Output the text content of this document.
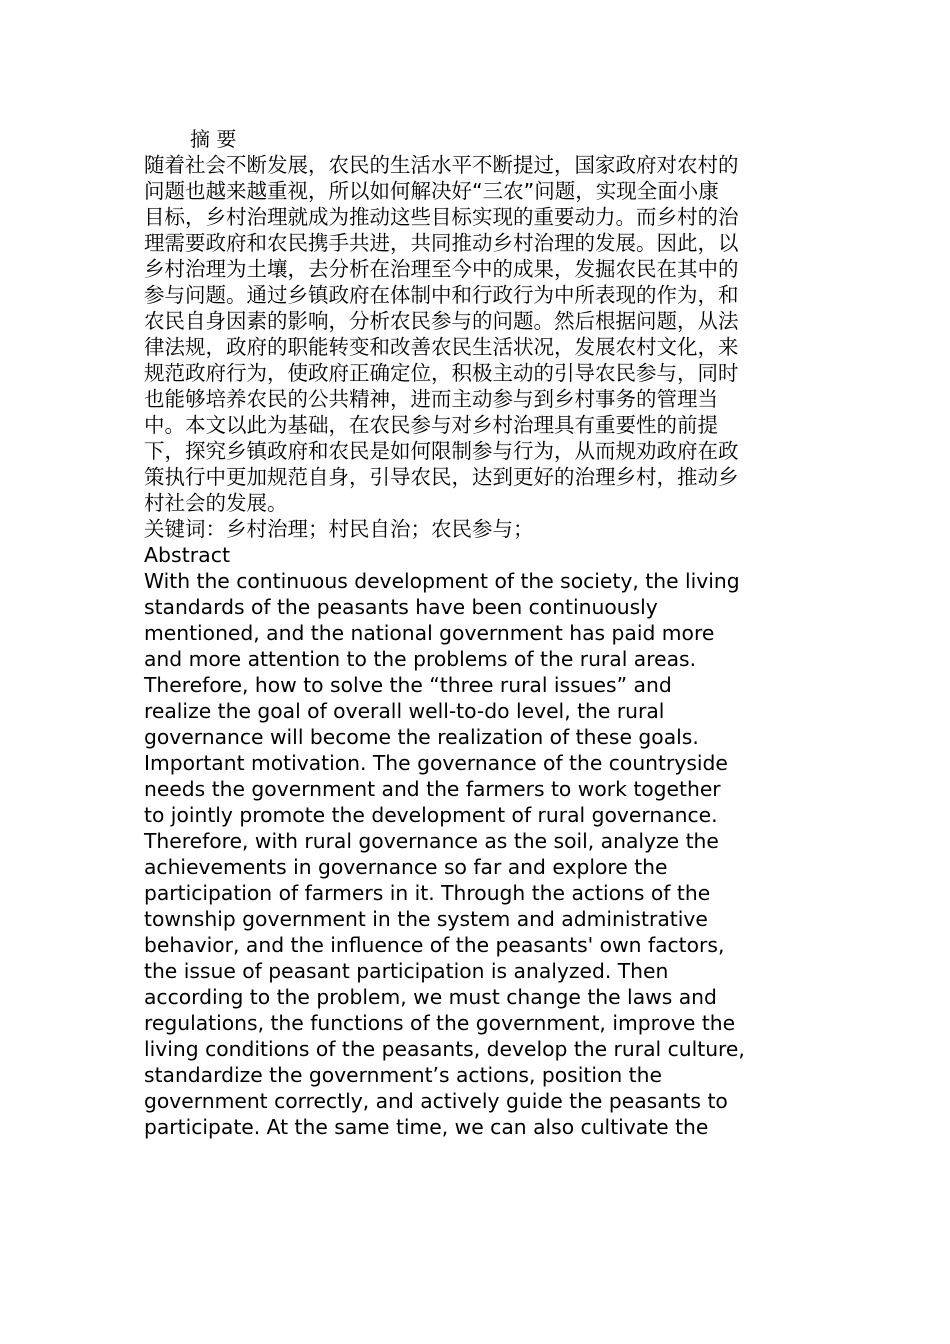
摘 要
随着社会不断发展，农民的生活水平不断提过，国家政府对农村的
问题也越来越重视，所以如何解决好“三农”问题，实现全面小康
目标，乡村治理就成为推动这些目标实现的重要动力。而乡村的治
理需要政府和农民携手共进，共同推动乡村治理的发展。因此，以
乡村治理为土壤，去分析在治理至今中的成果，发掘农民在其中的
参与问题。通过乡镇政府在体制中和行政行为中所表现的作为，和
农民自身因素的影响，分析农民参与的问题。然后根据问题，从法
律法规，政府的职能转变和改善农民生活状况，发展农村文化，来
规范政府行为，使政府正确定位，积极主动的引导农民参与，同时
也能够培养农民的公共精神，进而主动参与到乡村事务的管理当
中。本文以此为基础，在农民参与对乡村治理具有重要性的前提
下，探究乡镇政府和农民是如何限制参与行为，从而规劝政府在政
策执行中更加规范自身，引导农民，达到更好的治理乡村，推动乡
村社会的发展。
关键词：乡村治理；村民自治；农民参与；
Abstract
With the continuous development of the society, the living
standards of the peasants have been continuously
mentioned, and the national government has paid more
and more attention to the problems of the rural areas.
Therefore, how to solve the “three rural issues” and
realize the goal of overall well-to-do level, the rural
governance will become the realization of these goals.
Important motivation. The governance of the countryside
needs the government and the farmers to work together
to jointly promote the development of rural governance.
Therefore, with rural governance as the soil, analyze the
achievements in governance so far and explore the
participation of farmers in it. Through the actions of the
township government in the system and administrative
behavior, and the influence of the peasants' own factors,
the issue of peasant participation is analyzed. Then
according to the problem, we must change the laws and
regulations, the functions of the government, improve the
living conditions of the peasants, develop the rural culture,
standardize the government’s actions, position the
government correctly, and actively guide the peasants to
participate. At the same time, we can also cultivate the
